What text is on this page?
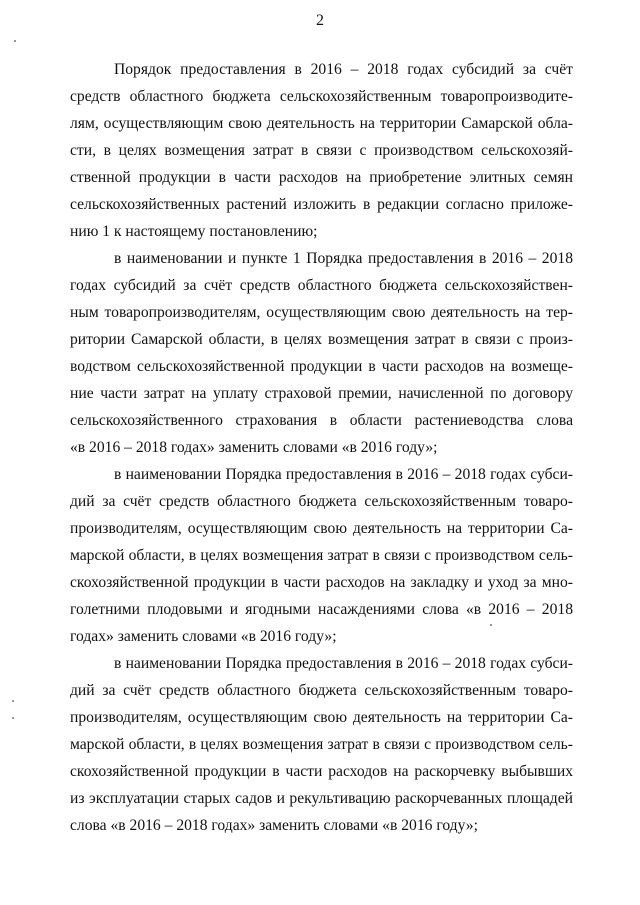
2
Порядок предоставления в 2016 – 2018 годах субсидий за счёт
средств областного бюджета сельскохозяйственным товаропроизводите-
лям, осуществляющим свою деятельность на территории Самарской обла-
сти, в целях возмещения затрат в связи с производством сельскохозяй-
ственной продукции в части расходов на приобретение элитных семян
сельскохозяйственных растений изложить в редакции согласно приложе-
нию 1 к настоящему постановлению;
в наименовании и пункте 1 Порядка предоставления в 2016 – 2018
годах субсидий за счёт средств областного бюджета сельскохозяйствен-
ным товаропроизводителям, осуществляющим свою деятельность на тер-
ритории Самарской области, в целях возмещения затрат в связи с произ-
водством сельскохозяйственной продукции в части расходов на возмеще-
ние части затрат на уплату страховой премии, начисленной по договору
сельскохозяйственного страхования в области растениеводства слова
«в 2016 – 2018 годах» заменить словами «в 2016 году»;
в наименовании Порядка предоставления в 2016 – 2018 годах субси-
дий за счёт средств областного бюджета сельскохозяйственным товаро-
производителям, осуществляющим свою деятельность на территории Са-
марской области, в целях возмещения затрат в связи с производством сель-
скохозяйственной продукции в части расходов на закладку и уход за мно-
голетними плодовыми и ягодными насаждениями слова «в 2016 – 2018
годах» заменить словами «в 2016 году»;
в наименовании Порядка предоставления в 2016 – 2018 годах субси-
дий за счёт средств областного бюджета сельскохозяйственным товаро-
производителям, осуществляющим свою деятельность на территории Са-
марской области, в целях возмещения затрат в связи с производством сель-
скохозяйственной продукции в части расходов на раскорчевку выбывших
из эксплуатации старых садов и рекультивацию раскорчеванных площадей
слова «в 2016 – 2018 годах» заменить словами «в 2016 году»;
